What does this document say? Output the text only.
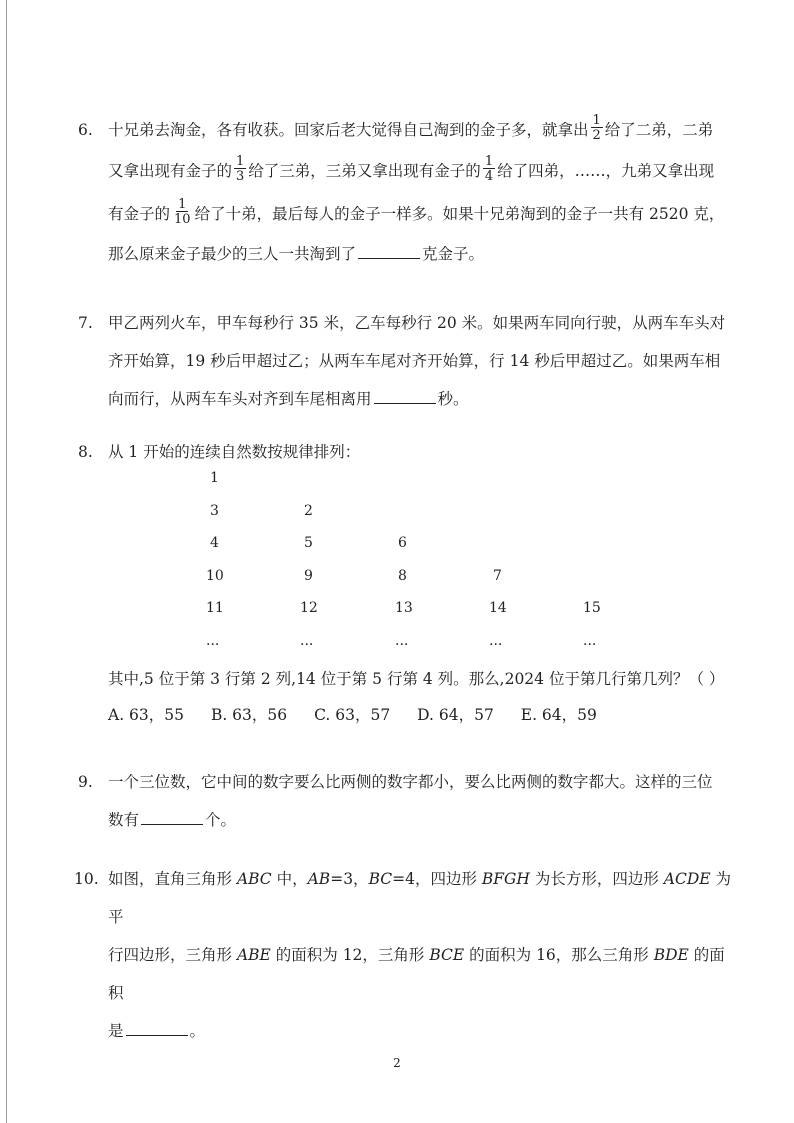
6. 十兄弟去淘金，各有收获。回家后老大觉得自己淘到的金子多，就拿出 $\frac{1}{2}$ 给了二弟，二弟
又拿出现有金子的 $\frac{1}{3}$ 给了三弟，三弟又拿出现有金子的 $\frac{1}{4}$ 给了四弟，……，九弟又拿出现
有金子的 $\frac{1}{10}$ 给了十弟，最后每人的金子一样多。如果十兄弟淘到的金子一共有 2520 克，
那么原来金子最少的三人一共淘到了	克金子。
7. 甲乙两列火车，甲车每秒行 35 米，乙车每秒行 20 米。如果两车同向行驶，从两车车头对
齐开始算，19 秒后甲超过乙；从两车车尾对齐开始算，行 14 秒后甲超过乙。如果两车相
向而行，从两车车头对齐到车尾相离用	秒。
8. 从 1 开始的连续自然数按规律排列：
1
3	2
4	5	6
10	9	8	7
11	12	13	14	15
...	...	...	...	...
其中,5 位于第 3 行第 2 列,14 位于第 5 行第 4 列。那么,2024 位于第几行第几列？（ ）
A. 63，55 B. 63，56 C. 63，57 D. 64，57 E. 64，59
9. 一个三位数，它中间的数字要么比两侧的数字都小，要么比两侧的数字都大。这样的三位
数有	个。
10. 如图，直角三角形 ABC 中，AB=3，BC=4，四边形 BFGH 为长方形，四边形 ACDE 为平
行四边形，三角形 ABE 的面积为 12，三角形 BCE 的面积为 16，那么三角形 BDE 的面积
是	。
2
